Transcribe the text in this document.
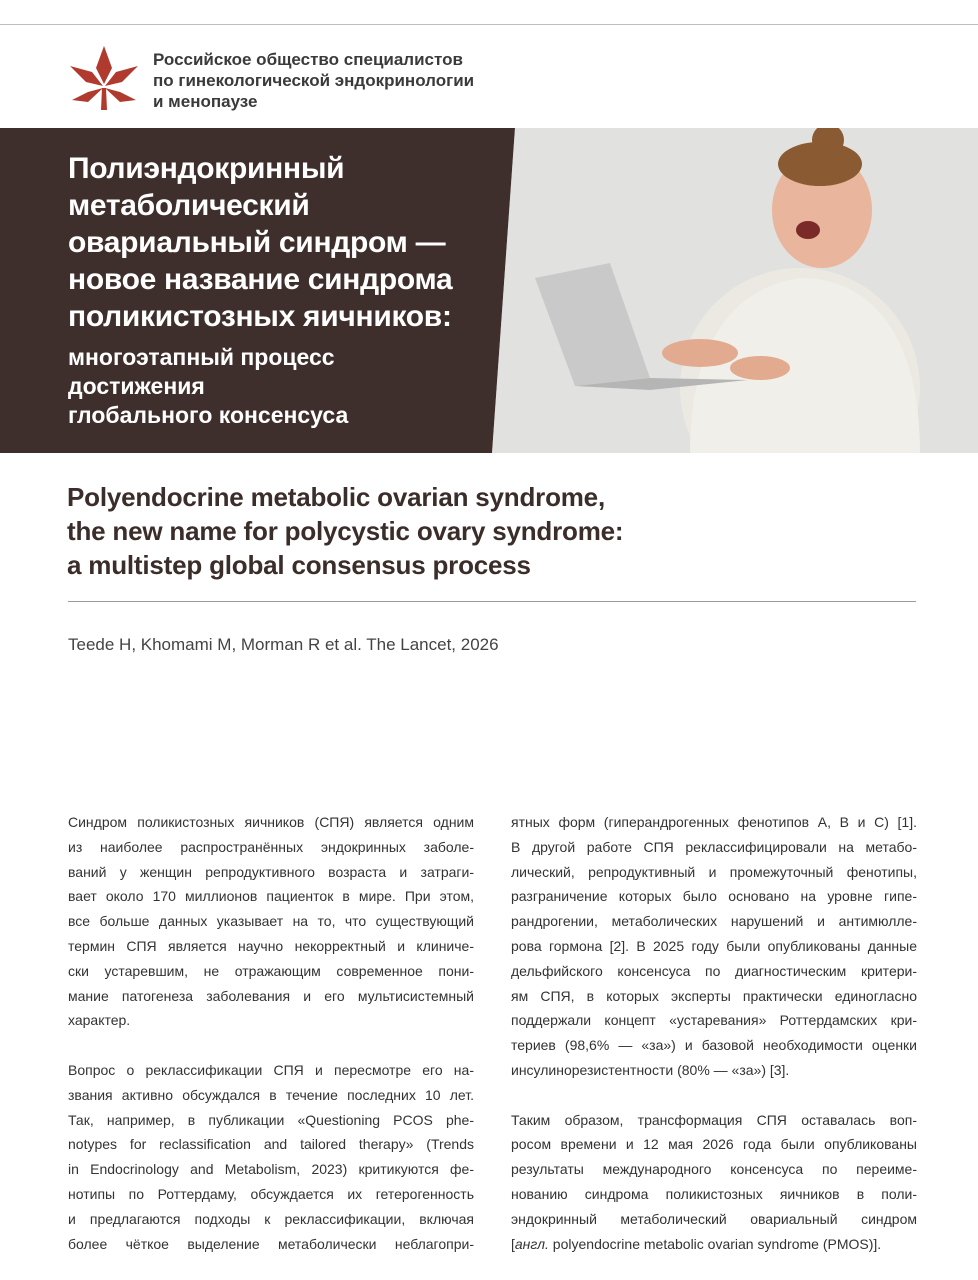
Российское общество специалистов
по гинекологической эндокринологии
и менопаузе
Полиэндокринный
метаболический
овариальный синдром —
новое название синдрома
поликистозных яичников:
многоэтапный процесс
достижения
глобального консенсуса
Polyendocrine metabolic ovarian syndrome,
the new name for polycystic ovary syndrome:
a multistep global consensus process
Teede H, Khomami M, Morman R et al. The Lancet, 2026
Синдром поликистозных яичников (СПЯ) является одним
из наиболее распространённых эндокринных заболе-
ваний у женщин репродуктивного возраста и затраги-
вает около 170 миллионов пациенток в мире. При этом,
все больше данных указывает на то, что существующий
термин СПЯ является научно некорректный и клиниче-
ски устаревшим, не отражающим современное пони-
мание патогенеза заболевания и его мультисистемный
характер.
Вопрос о реклассификации СПЯ и пересмотре его на-
звания активно обсуждался в течение последних 10 лет.
Так, например, в публикации «Questioning PCOS phe-
notypes for reclassification and tailored therapy» (Trends
in Endocrinology and Metabolism, 2023) критикуются фе-
нотипы по Роттердаму, обсуждается их гетерогенность
и предлагаются подходы к реклассификации, включая
более чёткое выделение метаболически неблагопри-
ятных форм (гиперандрогенных фенотипов A, B и C) [1].
В другой работе СПЯ реклассифицировали на метабо-
лический, репродуктивный и промежуточный фенотипы,
разграничение которых было основано на уровне гипе-
рандрогении, метаболических нарушений и антимюлле-
рова гормона [2]. В 2025 году были опубликованы данные
дельфийского консенсуса по диагностическим критери-
ям СПЯ, в которых эксперты практически единогласно
поддержали концепт «устаревания» Роттердамских кри-
териев (98,6% — «за») и базовой необходимости оценки
инсулинорезистентности (80% — «за») [3].
Таким образом, трансформация СПЯ оставалась воп-
росом времени и 12 мая 2026 года были опубликованы
результаты международного консенсуса по переиме-
нованию синдрома поликистозных яичников в поли-
эндокринный метаболический овариальный синдром
[англ. polyendocrine metabolic ovarian syndrome (PMOS)].
